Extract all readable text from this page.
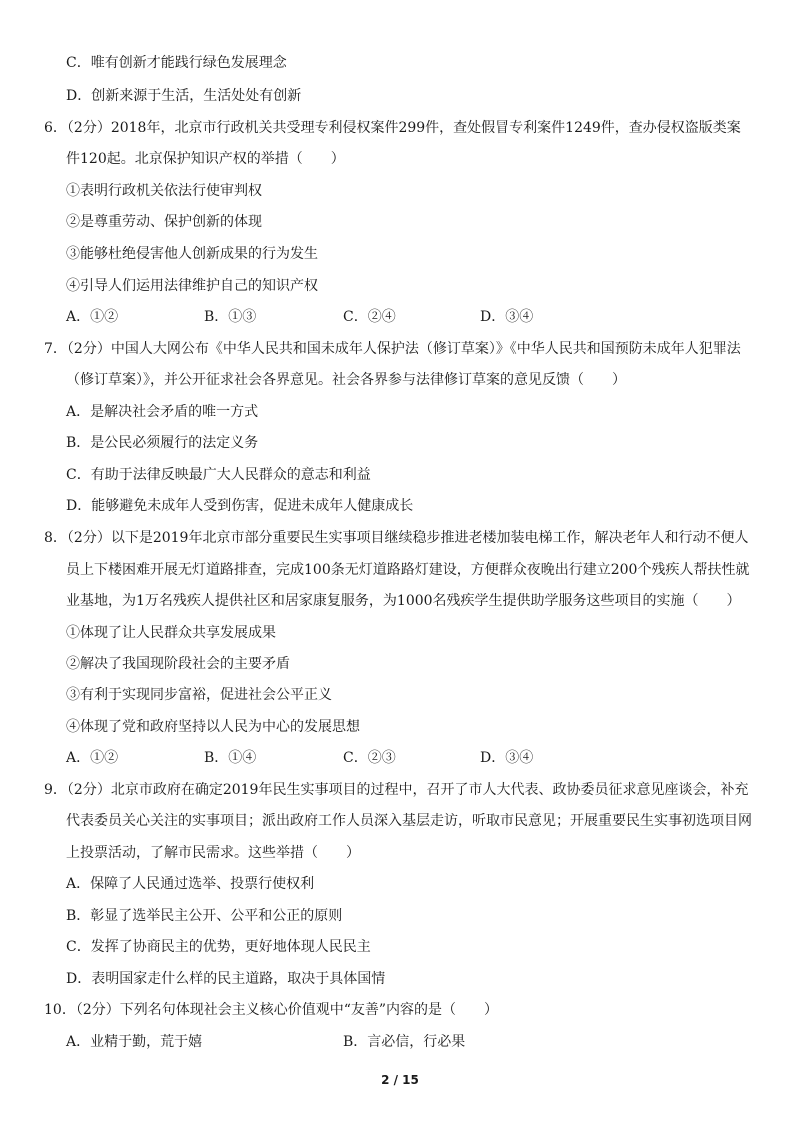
C．唯有创新才能践行绿色发展理念
D．创新来源于生活，生活处处有创新
6．（2分）2018年，北京市行政机关共受理专利侵权案件299件，查处假冒专利案件1249件，查办侵权盗版类案
件120起。北京保护知识产权的举措（　　）
①表明行政机关依法行使审判权
②是尊重劳动、保护创新的体现
③能够杜绝侵害他人创新成果的行为发生
④引导人们运用法律维护自己的知识产权
A．①②	B．①③	C．②④	D．③④
7．（2分）中国人大网公布《中华人民共和国未成年人保护法（修订草案）》《中华人民共和国预防未成年人犯罪法
（修订草案）》，并公开征求社会各界意见。社会各界参与法律修订草案的意见反馈（　　）
A．是解决社会矛盾的唯一方式
B．是公民必须履行的法定义务
C．有助于法律反映最广大人民群众的意志和利益
D．能够避免未成年人受到伤害，促进未成年人健康成长
8．（2分）以下是2019年北京市部分重要民生实事项目继续稳步推进老楼加装电梯工作，解决老年人和行动不便人
员上下楼困难开展无灯道路排查，完成100条无灯道路路灯建设，方便群众夜晚出行建立200个残疾人帮扶性就
业基地，为1万名残疾人提供社区和居家康复服务，为1000名残疾学生提供助学服务这些项目的实施（　　）
①体现了让人民群众共享发展成果
②解决了我国现阶段社会的主要矛盾
③有利于实现同步富裕，促进社会公平正义
④体现了党和政府坚持以人民为中心的发展思想
A．①②	B．①④	C．②③	D．③④
9．（2分）北京市政府在确定2019年民生实事项目的过程中，召开了市人大代表、政协委员征求意见座谈会，补充
代表委员关心关注的实事项目；派出政府工作人员深入基层走访，听取市民意见；开展重要民生实事初选项目网
上投票活动，了解市民需求。这些举措（　　）
A．保障了人民通过选举、投票行使权利
B．彰显了选举民主公开、公平和公正的原则
C．发挥了协商民主的优势，更好地体现人民民主
D．表明国家走什么样的民主道路，取决于具体国情
10．（2分）下列名句体现社会主义核心价值观中“友善”内容的是（　　）
A．业精于勤，荒于嬉	B．言必信，行必果
2 / 15
